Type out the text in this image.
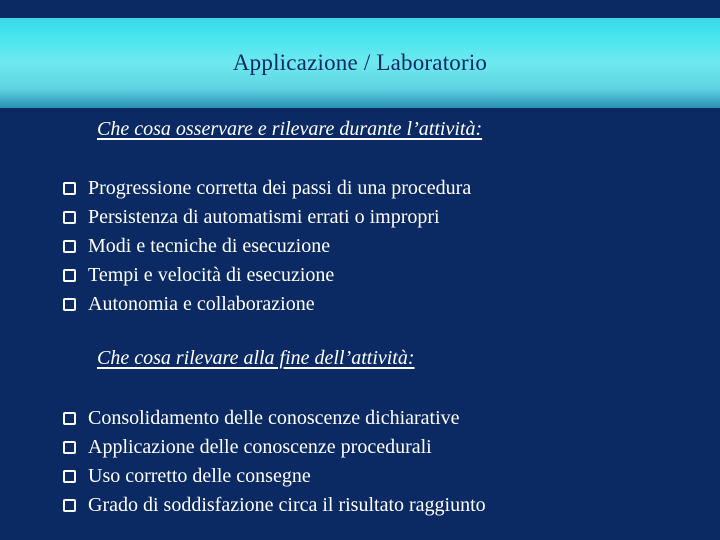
Applicazione / Laboratorio
Che cosa osservare e rilevare durante l’attività:
Progressione corretta dei passi di una procedura
Persistenza di automatismi errati o impropri
Modi e tecniche di esecuzione
Tempi e velocità di esecuzione
Autonomia e collaborazione
Che cosa rilevare alla fine dell’attività:
Consolidamento delle conoscenze dichiarative
Applicazione delle conoscenze procedurali
Uso corretto delle consegne
Grado di soddisfazione circa il risultato raggiunto
